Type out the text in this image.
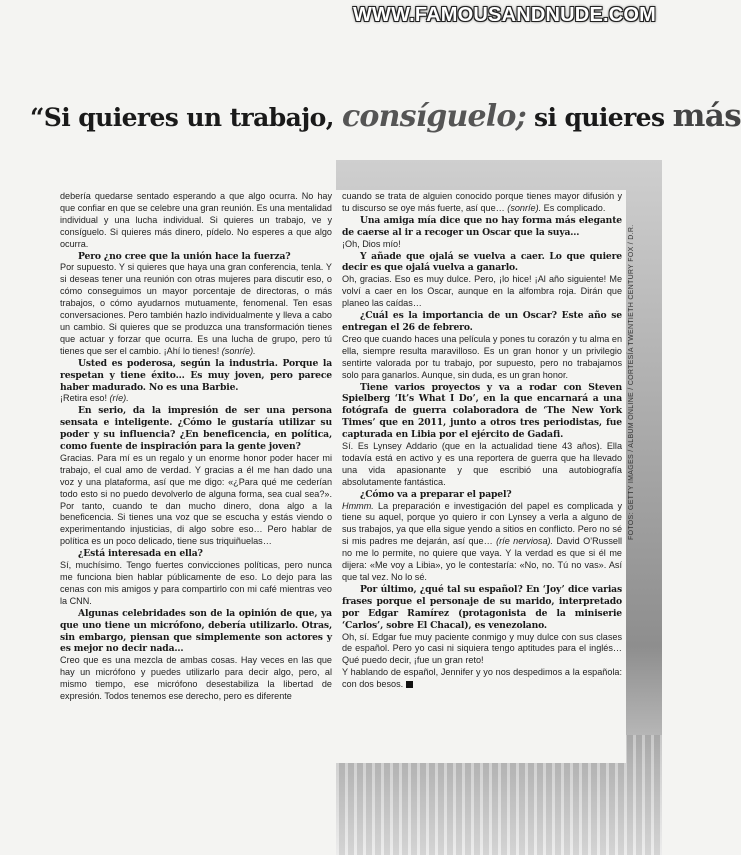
WWW.FAMOUSANDNUDE.COM
“Si quieres un trabajo, consíguelo; si quieres más
FOTOS: GETTY IMAGES / ALBUM ONLINE / CORTESÍA TWENTIETH CENTURY FOX / D.R.

debería quedarse sentado esperando a que algo ocurra. No hay que confiar en que se celebre una gran reunión. Es una mentalidad individual y una lucha individual. Si quieres un trabajo, ve y consíguelo. Si quieres más dinero, pídelo. No esperes a que algo ocurra.

Pero ¿no cree que la unión hace la fuerza?

Por supuesto. Y si quieres que haya una gran conferencia, tenla. Y si deseas tener una reunión con otras mujeres para discutir eso, o cómo conseguimos un mayor porcentaje de directoras, o más trabajos, o cómo ayudarnos mutuamente, fenomenal. Ten esas conversaciones. Pero también hazlo individualmente y lleva a cabo un cambio. Si quieres que se produzca una transformación tienes que actuar y forzar que ocurra. Es una lucha de grupo, pero tú tienes que ser el cambio. ¡Ahí lo tienes! (sonríe).

Usted es poderosa, según la industria. Porque la respetan y tiene éxito... Es muy joven, pero parece haber madurado. No es una Barbie.

¡Retira eso! (ríe).

En serio, da la impresión de ser una persona sensata e inteligente. ¿Cómo le gustaría utilizar su poder y su influencia? ¿En beneficencia, en política, como fuente de inspiración para la gente joven?

Gracias. Para mí es un regalo y un enorme honor poder hacer mi trabajo, el cual amo de verdad. Y gracias a él me han dado una voz y una plataforma, así que me digo: «¿Para qué me cederían todo esto si no puedo devolverlo de alguna forma, sea cual sea?». Por tanto, cuando te dan mucho dinero, dona algo a la beneficencia. Si tienes una voz que se escucha y estás viendo o experimentando injusticias, di algo sobre eso… Pero hablar de política es un poco delicado, tiene sus triquiñuelas…

¿Está interesada en ella?

Sí, muchísimo. Tengo fuertes convicciones políticas, pero nunca me funciona bien hablar públicamente de eso. Lo dejo para las cenas con mis amigos y para compartirlo con mi café mientras veo la CNN.

Algunas celebridades son de la opinión de que, ya que uno tiene un micrófono, debería utilizarlo. Otras, sin embargo, piensan que simplemente son actores y es mejor no decir nada…

Creo que es una mezcla de ambas cosas. Hay veces en las que hay un micrófono y puedes utilizarlo para decir algo, pero, al mismo tiempo, ese micrófono desestabiliza la libertad de expresión. Todos tenemos ese derecho, pero es diferente

cuando se trata de alguien conocido porque tienes mayor difusión y tu discurso se oye más fuerte, así que… (sonríe). Es complicado.

Una amiga mía dice que no hay forma más elegante de caerse al ir a recoger un Oscar que la suya…

¡Oh, Dios mío!

Y añade que ojalá se vuelva a caer. Lo que quiere decir es que ojalá vuelva a ganarlo.

Oh, gracias. Eso es muy dulce. Pero, ¡lo hice! ¡Al año siguiente! Me volví a caer en los Oscar, aunque en la alfombra roja. Dirán que planeo las caídas…

¿Cuál es la importancia de un Oscar? Este año se entregan el 26 de febrero.

Creo que cuando haces una película y pones tu corazón y tu alma en ella, siempre resulta maravilloso. Es un gran honor y un privilegio sentirte valorada por tu trabajo, por supuesto, pero no trabajamos solo para ganarlos. Aunque, sin duda, es un gran honor.

Tiene varios proyectos y va a rodar con Steven Spielberg ‘It’s What I Do’, en la que encarnará a una fotógrafa de guerra colaboradora de ‘The New York Times’ que en 2011, junto a otros tres periodistas, fue capturada en Libia por el ejército de Gadafi.

Sí. Es Lynsey Addario (que en la actualidad tiene 43 años). Ella todavía está en activo y es una reportera de guerra que ha llevado una vida apasionante y que escribió una autobiografía absolutamente fantástica.

¿Cómo va a preparar el papel?

Hmmm. La preparación e investigación del papel es complicada y tiene su aquel, porque yo quiero ir con Lynsey a verla a alguno de sus trabajos, ya que ella sigue yendo a sitios en conflicto. Pero no sé si mis padres me dejarán, así que… (ríe nerviosa). David O’Russell no me lo permite, no quiere que vaya. Y la verdad es que si él me dijera: «Me voy a Libia», yo le contestaría: «No, no. Tú no vas». Así que tal vez. No lo sé.

Por último, ¿qué tal su español? En ‘Joy’ dice varias frases porque el personaje de su marido, interpretado por Edgar Ramírez (protagonista de la miniserie ‘Carlos’, sobre El Chacal), es venezolano.

Oh, sí. Edgar fue muy paciente conmigo y muy dulce con sus clases de español. Pero yo casi ni siquiera tengo aptitudes para el inglés… Qué puedo decir, ¡fue un gran reto!

Y hablando de español, Jennifer y yo nos despedimos a la española: con dos besos.
